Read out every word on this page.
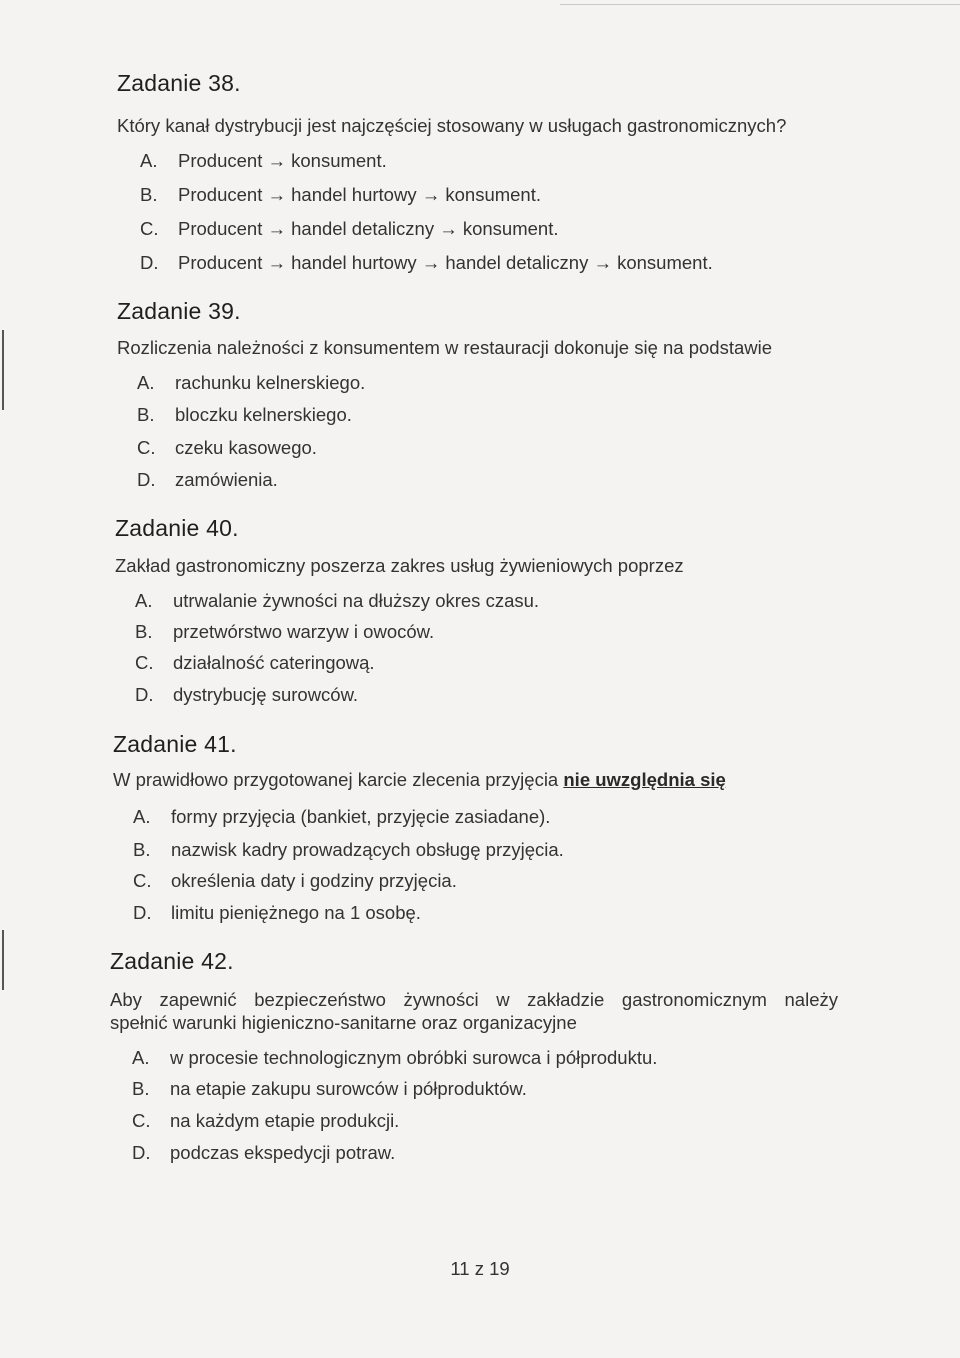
Zadanie 38.
Który kanał dystrybucji jest najczęściej stosowany w usługach gastronomicznych?
A. Producent → konsument.
B. Producent → handel hurtowy → konsument.
C. Producent → handel detaliczny → konsument.
D. Producent → handel hurtowy → handel detaliczny → konsument.
Zadanie 39.
Rozliczenia należności z konsumentem w restauracji dokonuje się na podstawie
A. rachunku kelnerskiego.
B. bloczku kelnerskiego.
C. czeku kasowego.
D. zamówienia.
Zadanie 40.
Zakład gastronomiczny poszerza zakres usług żywieniowych poprzez
A. utrwalanie żywności na dłuższy okres czasu.
B. przetwórstwo warzyw i owoców.
C. działalność cateringową.
D. dystrybucję surowców.
Zadanie 41.
W prawidłowo przygotowanej karcie zlecenia przyjęcia nie uwzględnia się
A. formy przyjęcia (bankiet, przyjęcie zasiadane).
B. nazwisk kadry prowadzących obsługę przyjęcia.
C. określenia daty i godziny przyjęcia.
D. limitu pieniężnego na 1 osobę.
Zadanie 42.
Aby zapewnić bezpieczeństwo żywności w zakładzie gastronomicznym należy
spełnić warunki higieniczno-sanitarne oraz organizacyjne
A. w procesie technologicznym obróbki surowca i półproduktu.
B. na etapie zakupu surowców i półproduktów.
C. na każdym etapie produkcji.
D. podczas ekspedycji potraw.
11 z 19
